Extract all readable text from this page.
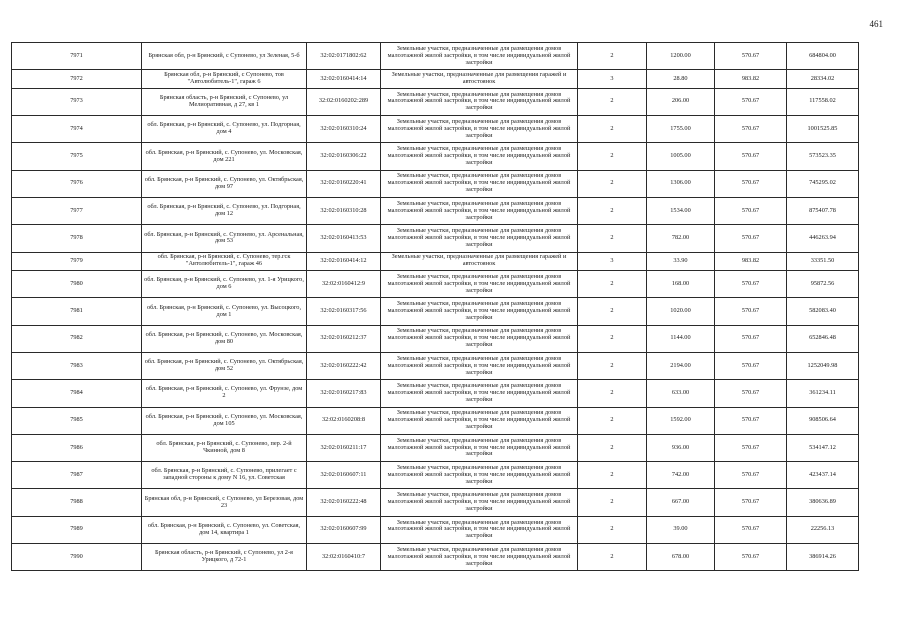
461
7971	Брянская обл, р-н Брянский, с Супонево, ул Зеленая, 5-б	32:02:0171802:62	Земельные участки, предназначенные для размещения домов малоэтажной жилой застройки, в том числе индивидуальной жилой застройки	2	1200.00	570.67	684804.00
7972	Брянская обл, р-н Брянский, с Супонево, тов "Автолюбитель-1", гараж 6	32:02:0160414:14	Земельные участки, предназначенные для размещения гаражей и автостоянок	3	28.80	983.82	28334.02
7973	Брянская область, р-н Брянский, с Супонево, ул Мелиоративная, д 27, кв 1	32:02:0160202:289	Земельные участки, предназначенные для размещения домов малоэтажной жилой застройки, в том числе индивидуальной жилой застройки	2	206.00	570.67	117558.02
7974	обл. Брянская, р-н Брянский, с. Супонево, ул. Подгорная, дом 4	32:02:0160310:24	Земельные участки, предназначенные для размещения домов малоэтажной жилой застройки, в том числе индивидуальной жилой застройки	2	1755.00	570.67	1001525.85
7975	обл. Брянская, р-н Брянский, с. Супонево, ул. Московская, дом 221	32:02:0160306:22	Земельные участки, предназначенные для размещения домов малоэтажной жилой застройки, в том числе индивидуальной жилой застройки	2	1005.00	570.67	573523.35
7976	обл. Брянская, р-н Брянский, с. Супонево, ул. Октябрьская, дом 97	32:02:0160220:41	Земельные участки, предназначенные для размещения домов малоэтажной жилой застройки, в том числе индивидуальной жилой застройки	2	1306.00	570.67	745295.02
7977	обл. Брянская, р-н Брянский, с. Супонево, ул. Подгорная, дом 12	32:02:0160310:28	Земельные участки, предназначенные для размещения домов малоэтажной жилой застройки, в том числе индивидуальной жилой застройки	2	1534.00	570.67	875407.78
7978	обл. Брянская, р-н Брянский, с. Супонево, ул. Арсенальная, дом 53	32:02:0160413:53	Земельные участки, предназначенные для размещения домов малоэтажной жилой застройки, в том числе индивидуальной жилой застройки	2	782.00	570.67	446263.94
7979	обл. Брянская, р-н Брянский, с. Супонево, тер.гск "Автолюбитель-1", гараж 46	32:02:0160414:12	Земельные участки, предназначенные для размещения гаражей и автостоянок	3	33.90	983.82	33351.50
7980	обл. Брянская, р-н Брянский, с. Супонево, ул. 1-я Урицкого, дом 6	32:02:0160412:9	Земельные участки, предназначенные для размещения домов малоэтажной жилой застройки, в том числе индивидуальной жилой застройки	2	168.00	570.67	95872.56
7981	обл. Брянская, р-н Брянский, с. Супонево, ул. Высоцкого, дом 1	32:02:0160317:56	Земельные участки, предназначенные для размещения домов малоэтажной жилой застройки, в том числе индивидуальной жилой застройки	2	1020.00	570.67	582083.40
7982	обл. Брянская, р-н Брянский, с. Супонево, ул. Московская, дом 80	32:02:0160212:37	Земельные участки, предназначенные для размещения домов малоэтажной жилой застройки, в том числе индивидуальной жилой застройки	2	1144.00	570.67	652846.48
7983	обл. Брянская, р-н Брянский, с. Супонево, ул. Октябрьская, дом 52	32:02:0160222:42	Земельные участки, предназначенные для размещения домов малоэтажной жилой застройки, в том числе индивидуальной жилой застройки	2	2194.00	570.67	1252049.98
7984	обл. Брянская, р-н Брянский, с. Супонево, ул. Фрунзе, дом 2	32:02:0160217:83	Земельные участки, предназначенные для размещения домов малоэтажной жилой застройки, в том числе индивидуальной жилой застройки	2	633.00	570.67	361234.11
7985	обл. Брянская, р-н Брянский, с. Супонево, ул. Московская, дом 105	32:02:0160208:8	Земельные участки, предназначенные для размещения домов малоэтажной жилой застройки, в том числе индивидуальной жилой застройки	2	1592.00	570.67	908506.64
7986	обл. Брянская, р-н Брянский, с. Супонево, пер. 2-й Чкинной, дом 8	32:02:0160211:17	Земельные участки, предназначенные для размещения домов малоэтажной жилой застройки, в том числе индивидуальной жилой застройки	2	936.00	570.67	534147.12
7987	обл. Брянская, р-н Брянский, с. Супонево, прилегает с западной стороны к дому N 16, ул. Советская	32:02:0160607:11	Земельные участки, предназначенные для размещения домов малоэтажной жилой застройки, в том числе индивидуальной жилой застройки	2	742.00	570.67	423437.14
7988	Брянская обл, р-н Брянский, с Супонево, ул Березовая, дом 23	32:02:0160222:48	Земельные участки, предназначенные для размещения домов малоэтажной жилой застройки, в том числе индивидуальной жилой застройки	2	667.00	570.67	380636.89
7989	обл. Брянская, р-н Брянский, с. Супонево, ул. Советская, дом 14, квартира 1	32:02:0160607:99	Земельные участки, предназначенные для размещения домов малоэтажной жилой застройки, в том числе индивидуальной жилой застройки	2	39.00	570.67	22256.13
7990	Брянская область, р-н Брянский, с Супонево, ул 2-я Урицкого, д 72-1	32:02:0160410:7	Земельные участки, предназначенные для размещения домов малоэтажной жилой застройки, в том числе индивидуальной жилой застройки	2	678.00	570.67	386914.26
